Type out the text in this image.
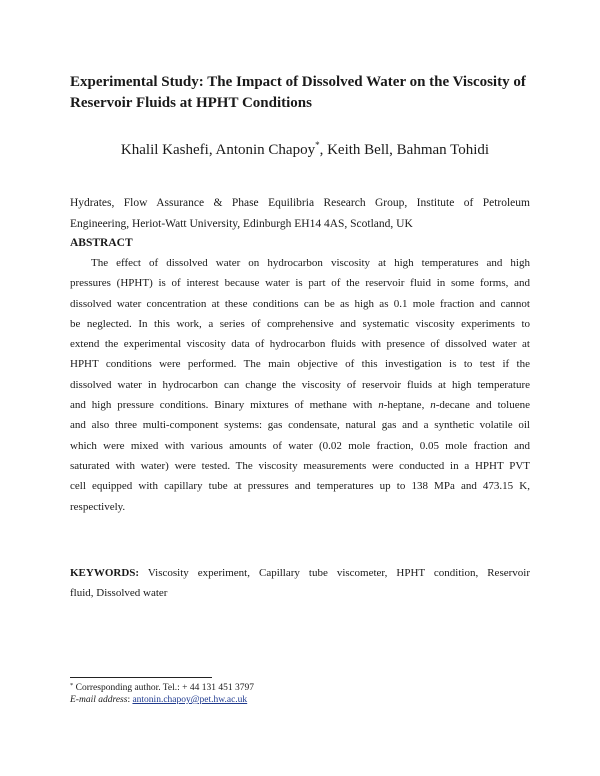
Experimental Study: The Impact of Dissolved Water on the Viscosity of
Reservoir Fluids at HPHT Conditions
Khalil Kashefi, Antonin Chapoy*, Keith Bell, Bahman Tohidi
Hydrates, Flow Assurance & Phase Equilibria Research Group, Institute of Petroleum
Engineering, Heriot-Watt University, Edinburgh EH14 4AS, Scotland, UK
ABSTRACT
The effect of dissolved water on hydrocarbon viscosity at high temperatures and high
pressures (HPHT) is of interest because water is part of the reservoir fluid in some forms, and
dissolved water concentration at these conditions can be as high as 0.1 mole fraction and cannot
be neglected. In this work, a series of comprehensive and systematic viscosity experiments to
extend the experimental viscosity data of hydrocarbon fluids with presence of dissolved water at
HPHT conditions were performed. The main objective of this investigation is to test if the
dissolved water in hydrocarbon can change the viscosity of reservoir fluids at high temperature
and high pressure conditions. Binary mixtures of methane with n-heptane, n-decane and toluene
and also three multi-component systems: gas condensate, natural gas and a synthetic volatile oil
which were mixed with various amounts of water (0.02 mole fraction, 0.05 mole fraction and
saturated with water) were tested. The viscosity measurements were conducted in a HPHT PVT
cell equipped with capillary tube at pressures and temperatures up to 138 MPa and 473.15 K,
respectively.
KEYWORDS: Viscosity experiment, Capillary tube viscometer, HPHT condition, Reservoir
fluid, Dissolved water
* Corresponding author. Tel.: + 44 131 451 3797
E-mail address: antonin.chapoy@pet.hw.ac.uk
